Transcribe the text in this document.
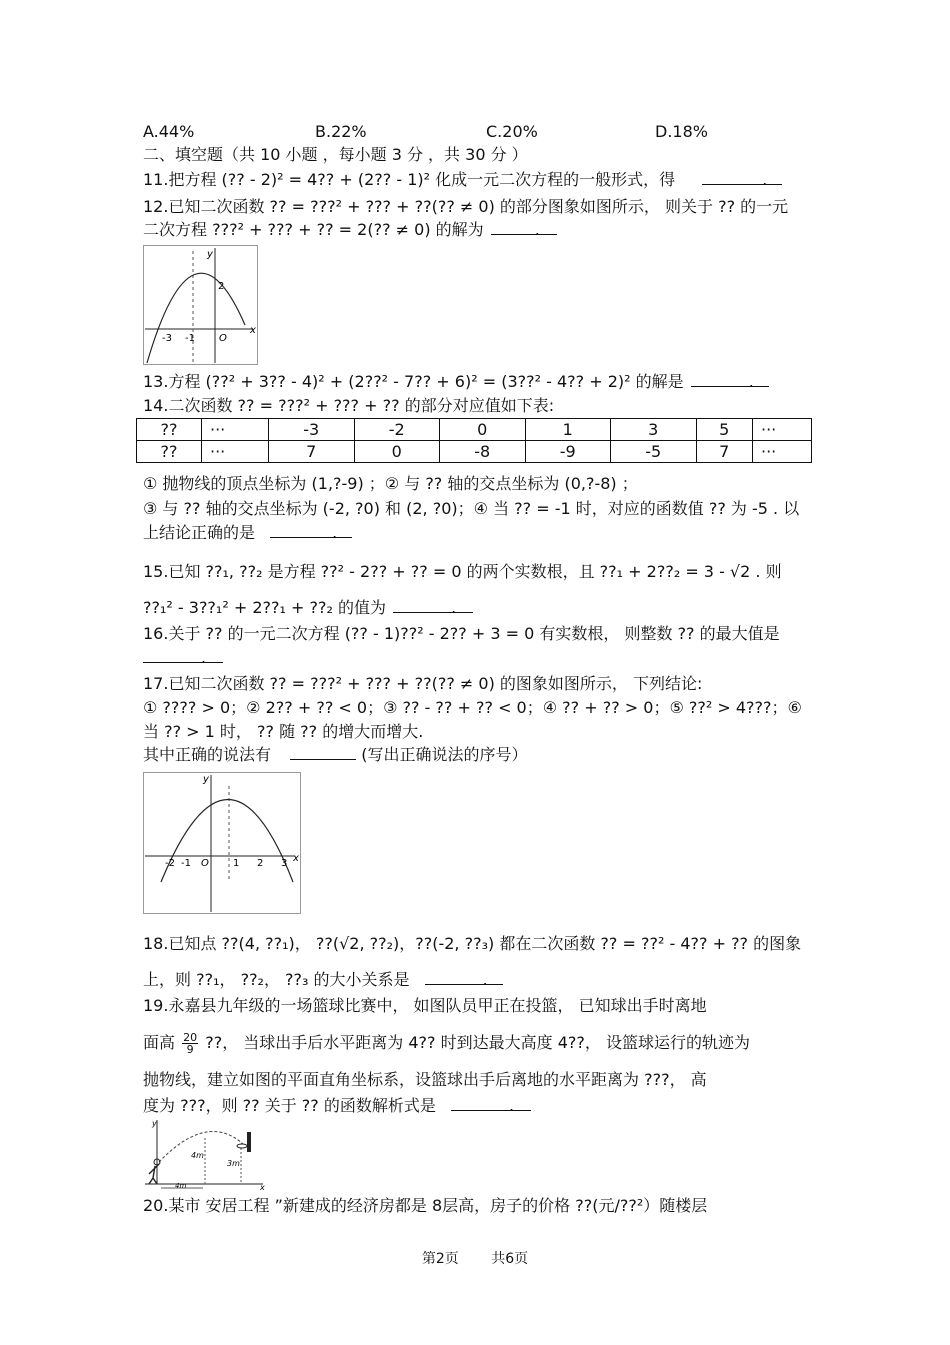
A.44%	B.22%	C.20%	D.18%
二、填空题（共 10 小题 ，每小题 3 分 ，共 30 分 ）
11.把方程 (?? - 2)² = 4?? + (2?? - 1)² 化成一元二次方程的一般形式，得	.
12.已知二次函数 ?? = ???² + ??? + ??(?? ≠ 0) 的部分图象如图所示， 则关于 ?? 的一元
二次方程 ???² + ??? + ?? = 2(?? ≠ 0) 的解为	.
y
x
-3 -1 O
2
13.方程 (??² + 3?? - 4)² + (2??² - 7?? + 6)² = (3??² - 4?? + 2)² 的解是	.
14.二次函数 ?? = ???² + ??? + ?? 的部分对应值如下表:
??	···	-3	-2	0	1	3	5	···
??	···	7	0	-8	-9	-5	7	···
① 抛物线的顶点坐标为 (1,?-9) ；② 与 ?? 轴的交点坐标为 (0,?-8) ；
③ 与 ?? 轴的交点坐标为 (-2, ?0) 和 (2, ?0)；④ 当 ?? = -1 时，对应的函数值 ?? 为 -5 . 以
上结论正确的是	.
15.已知 ??₁, ??₂ 是方程 ??² - 2?? + ?? = 0 的两个实数根，且 ??₁ + 2??₂ = 3 - √2 . 则
??₁² - 3??₁² + 2??₁ + ??₂ 的值为	.
16.关于 ?? 的一元二次方程 (?? - 1)??² - 2?? + 3 = 0 有实数根， 则整数 ?? 的最大值是
.
17.已知二次函数 ?? = ???² + ??? + ??(?? ≠ 0) 的图象如图所示， 下列结论:
① ???? > 0；② 2?? + ?? < 0；③ ?? - ?? + ?? < 0；④ ?? + ?? > 0；⑤ ??² > 4???；⑥
当 ?? > 1 时， ?? 随 ?? 的增大而增大.
其中正确的说法有	(写出正确说法的序号）
y
x
-2 -1 O 1 2 3
18.已知点 ??(4, ??₁)， ??(√2, ??₂)，??(-2, ??₃) 都在二次函数 ?? = ??² - 4?? + ?? 的图象
上，则 ??₁， ??₂， ??₃ 的大小关系是	.
19.永嘉县九年级的一场篮球比赛中， 如图队员甲正在投篮， 已知球出手时离地
面高 $\frac{20}{9}$ ??， 当球出手后水平距离为 4?? 时到达最大高度 4??， 设篮球运行的轨迹为
抛物线，建立如图的平面直角坐标系，设篮球出手后离地的水平距离为 ???， 高
度为 ???，则 ?? 关于 ?? 的函数解析式是	.
y
x
4m
3m
4m
20.某市 安居工程 ”新建成的经济房都是 8层高，房子的价格 ??(元/??²）随楼层
第2页 共6页
